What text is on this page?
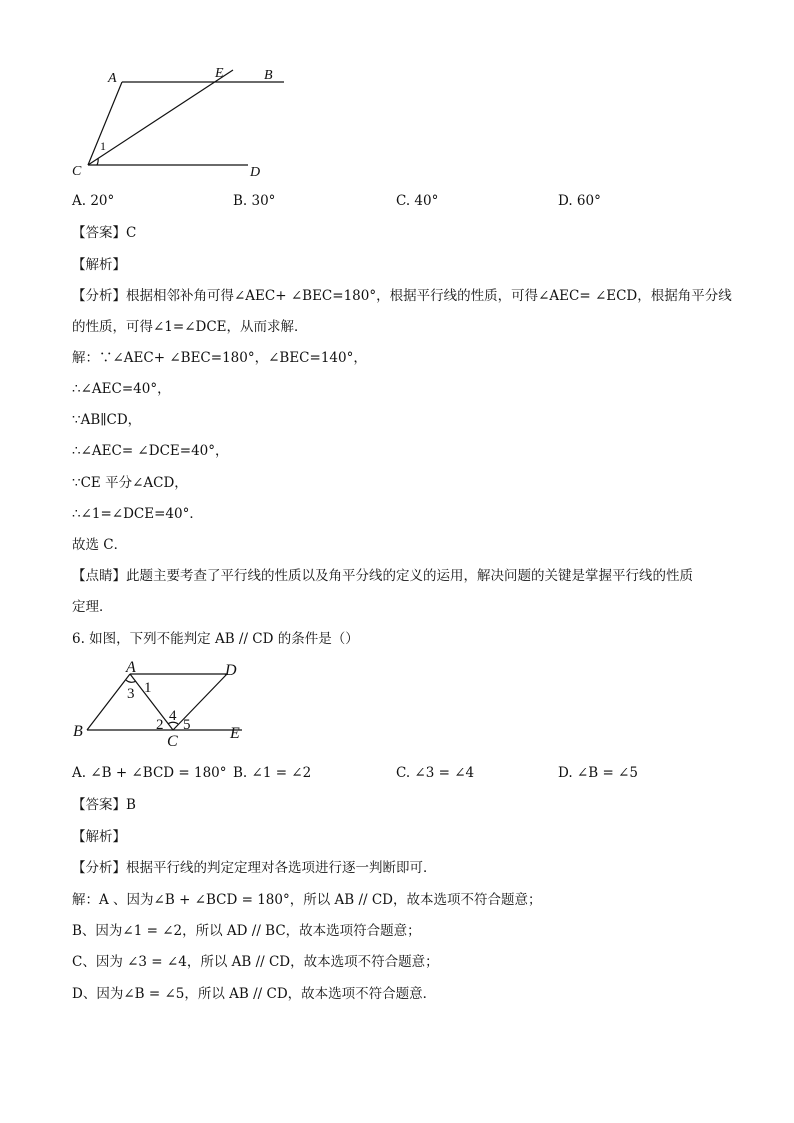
A	E	B
C	D
1
A. 20°	B. 30°	C. 40°	D. 60°
【答案】C
【解析】
【分析】根据相邻补角可得∠AEC+ ∠BEC=180°，根据平行线的性质，可得∠AEC= ∠ECD，根据角平分线
的性质，可得∠1=∠DCE，从而求解．
解：∵∠AEC+ ∠BEC=180°，∠BEC=140°，
∴∠AEC=40°，
∵AB∥CD，
∴∠AEC= ∠DCE=40°，
∵CE 平分∠ACD，
∴∠1=∠DCE=40°．
故选 C．
【点睛】此题主要考查了平行线的性质以及角平分线的定义的运用，解决问题的关键是掌握平行线的性质
定理．
6. 如图，下列不能判定 AB // CD 的条件是（）
A	D
B
C	E
1
3
2
4
5
A. ∠B + ∠BCD = 180° B. ∠1 = ∠2	C. ∠3 = ∠4	D. ∠B = ∠5
【答案】B
【解析】
【分析】根据平行线的判定定理对各选项进行逐一判断即可．
解：A 、因为∠B + ∠BCD = 180°，所以 AB // CD，故本选项不符合题意；
B、因为∠1 = ∠2，所以 AD // BC，故本选项符合题意；
C、因为 ∠3 = ∠4，所以 AB // CD，故本选项不符合题意；
D、因为∠B = ∠5，所以 AB // CD，故本选项不符合题意．
